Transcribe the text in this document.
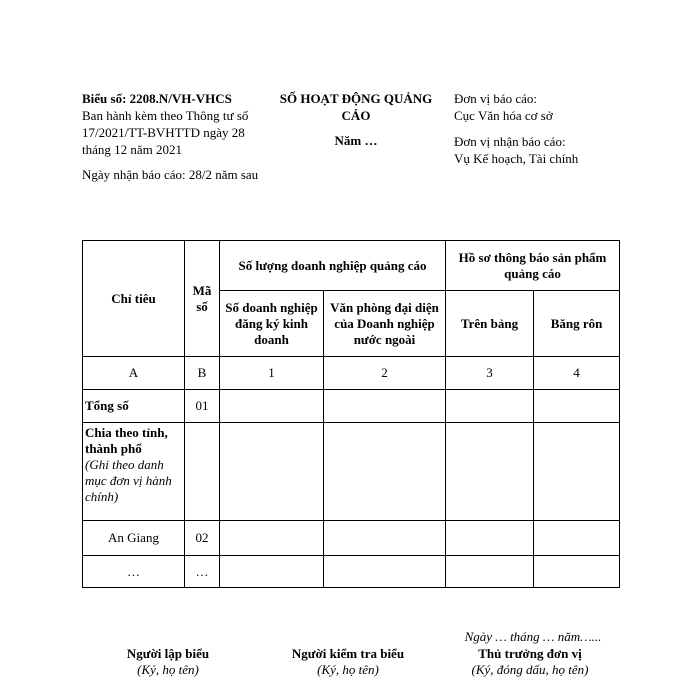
Biểu số: 2208.N/VH-VHCS
Ban hành kèm theo Thông tư số 17/2021/TT-BVHTTD ngày 28 tháng 12 năm 2021
Ngày nhận báo cáo: 28/2 năm sau
SỐ HOẠT ĐỘNG QUẢNG CÁO
Năm …
Đơn vị báo cáo:
Cục Văn hóa cơ sở
Đơn vị nhận báo cáo:
Vụ Kế hoạch, Tài chính
Chỉ tiêu	Mã số	Số lượng doanh nghiệp quảng cáo		Hồ sơ thông báo sản phẩm quảng cáo	
		Số doanh nghiệp đăng ký kinh doanh	Văn phòng đại diện của Doanh nghiệp nước ngoài	Trên bảng	Băng rôn
A	B	1	2	3	4
Tổng số	01				

Chia theo tỉnh, thành phố
(Ghi theo danh mục đơn vị hành chính)					

An Giang	02				
…	…				
Ngày … tháng … năm…...
Người lập biểu
(Ký, họ tên)
Người kiểm tra biểu
(Ký, họ tên)
Thủ trưởng đơn vị
(Ký, đóng dấu, họ tên)
